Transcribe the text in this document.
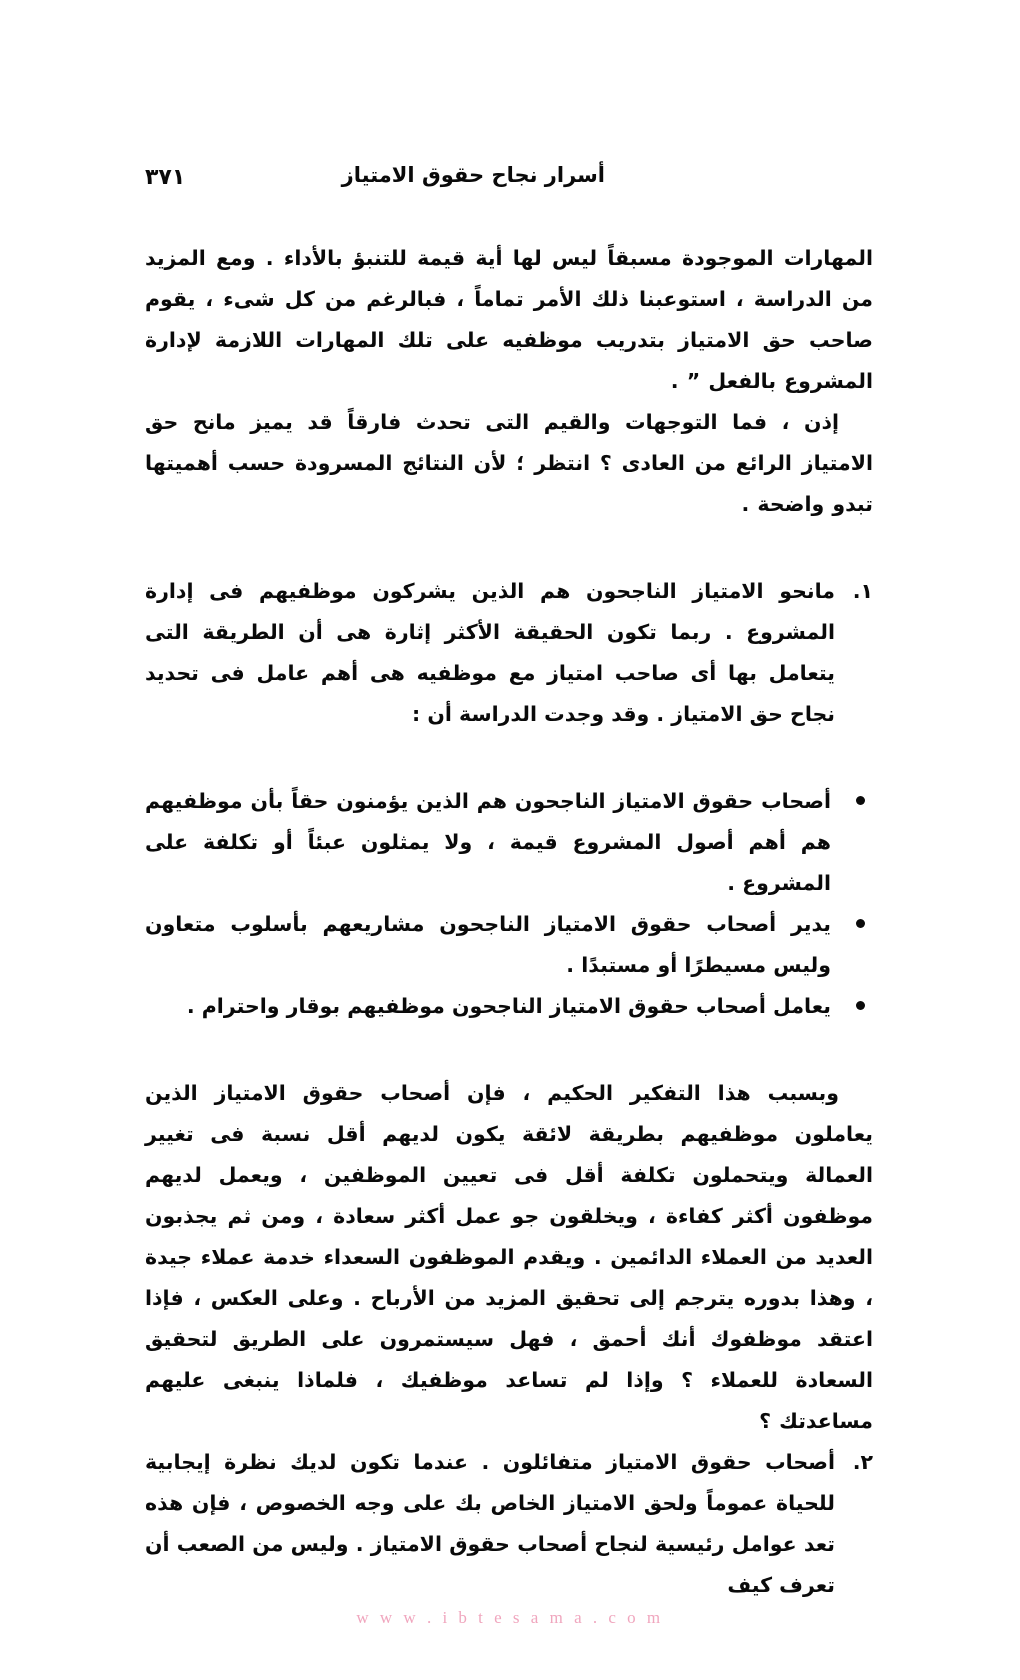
أسرار نجاح حقوق الامتياز
٣٧١

المهارات الموجودة مسبقاً ليس لها أية قيمة للتنبؤ بالأداء . ومع المزيد من الدراسة ، استوعبنا ذلك الأمر تماماً ، فبالرغم من كل شىء ، يقوم صاحب حق الامتياز بتدريب موظفيه على تلك المهارات اللازمة لإدارة المشروع بالفعل ” .

إذن ، فما التوجهات والقيم التى تحدث فارقاً قد يميز مانح حق الامتياز الرائع من العادى ؟ انتظر ؛ لأن النتائج المسرودة حسب أهميتها تبدو واضحة .

١.
مانحو الامتياز الناجحون هم الذين يشركون موظفيهم فى إدارة المشروع . ربما تكون الحقيقة الأكثر إثارة هى أن الطريقة التى يتعامل بها أى صاحب امتياز مع موظفيه هى أهم عامل فى تحديد نجاح حق الامتياز . وقد وجدت الدراسة أن :
أصحاب حقوق الامتياز الناجحون هم الذين يؤمنون حقاً بأن موظفيهم هم أهم أصول المشروع قيمة ، ولا يمثلون عبئاً أو تكلفة على المشروع .
يدير أصحاب حقوق الامتياز الناجحون مشاريعهم بأسلوب متعاون وليس مسيطرًا أو مستبدًا .
يعامل أصحاب حقوق الامتياز الناجحون موظفيهم بوقار واحترام .

وبسبب هذا التفكير الحكيم ، فإن أصحاب حقوق الامتياز الذين يعاملون موظفيهم بطريقة لائقة يكون لديهم أقل نسبة فى تغيير العمالة ويتحملون تكلفة أقل فى تعيين الموظفين ، ويعمل لديهم موظفون أكثر كفاءة ، ويخلقون جو عمل أكثر سعادة ، ومن ثم يجذبون العديد من العملاء الدائمين . ويقدم الموظفون السعداء خدمة عملاء جيدة ، وهذا بدوره يترجم إلى تحقيق المزيد من الأرباح . وعلى العكس ، فإذا اعتقد موظفوك أنك أحمق ، فهل سيستمرون على الطريق لتحقيق السعادة للعملاء ؟ وإذا لم تساعد موظفيك ، فلماذا ينبغى عليهم مساعدتك ؟

٢.
أصحاب حقوق الامتياز متفائلون . عندما تكون لديك نظرة إيجابية للحياة عموماً ولحق الامتياز الخاص بك على وجه الخصوص ، فإن هذه تعد عوامل رئيسية لنجاح أصحاب حقوق الامتياز . وليس من الصعب أن تعرف كيف
w w w . i b t e s a m a . c o m
